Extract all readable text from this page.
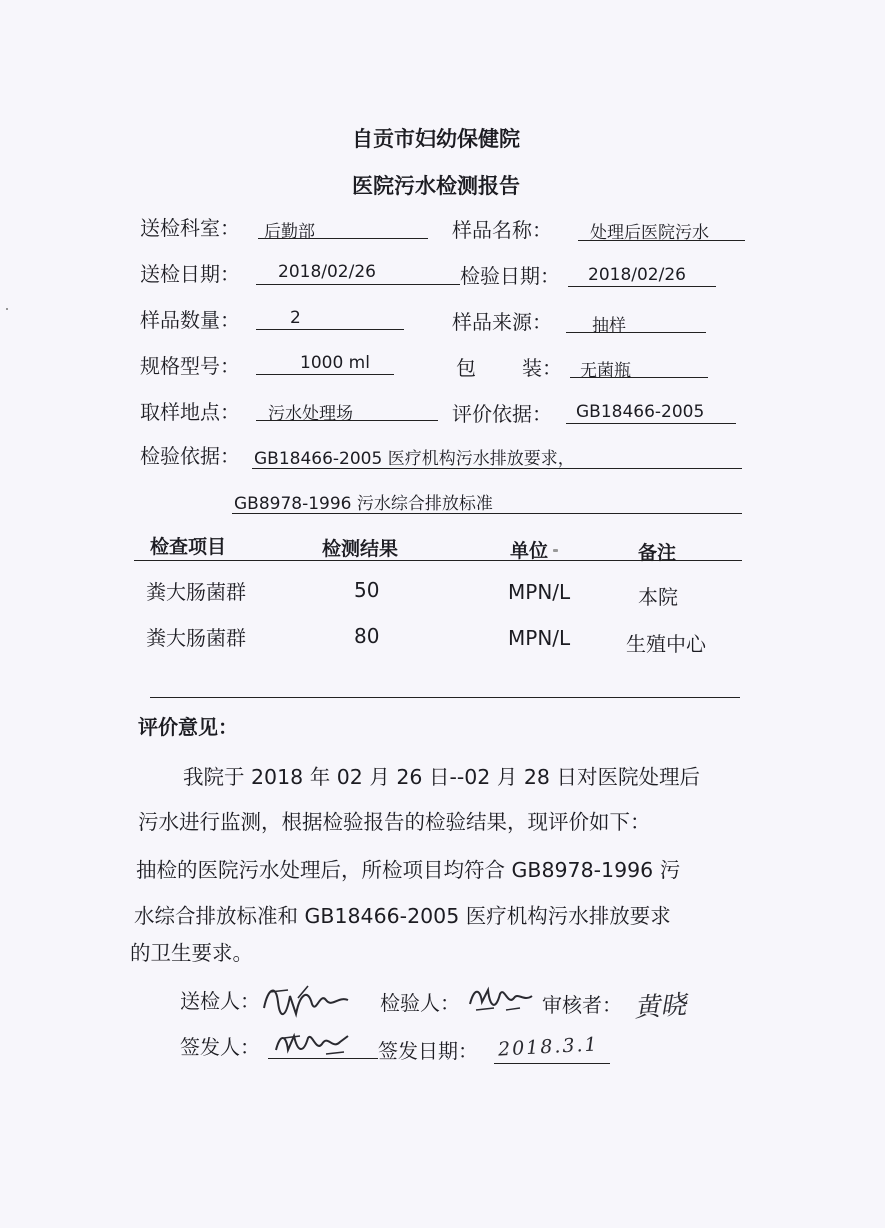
自贡市妇幼保健院
医院污水检测报告
送检科室： 后勤部	样品名称： 处理后医院污水
送检日期： 2018/02/26	检验日期： 2018/02/26
样品数量：	2	样品来源： 抽样
规格型号：	1000 ml	包 装： 无菌瓶
取样地点： 污水处理场	评价依据： GB18466-2005
检验依据： GB18466-2005 医疗机构污水排放要求，
GB8978-1996 污水综合排放标准
检查项目	检测结果	单位	备注
粪大肠菌群	50	MPN/L	本院
粪大肠菌群	80	MPN/L	生殖中心
评价意见：
我院于 2018 年 02 月 26 日--02 月 28 日对医院处理后
污水进行监测，根据检验报告的检验结果，现评价如下：
抽检的医院污水处理后，所检项目均符合 GB8978-1996 污
水综合排放标准和 GB18466-2005 医疗机构污水排放要求
的卫生要求。
送检人：	检验人：	审核者： 黄晓
签发人：	签发日期： 2018.3.1
